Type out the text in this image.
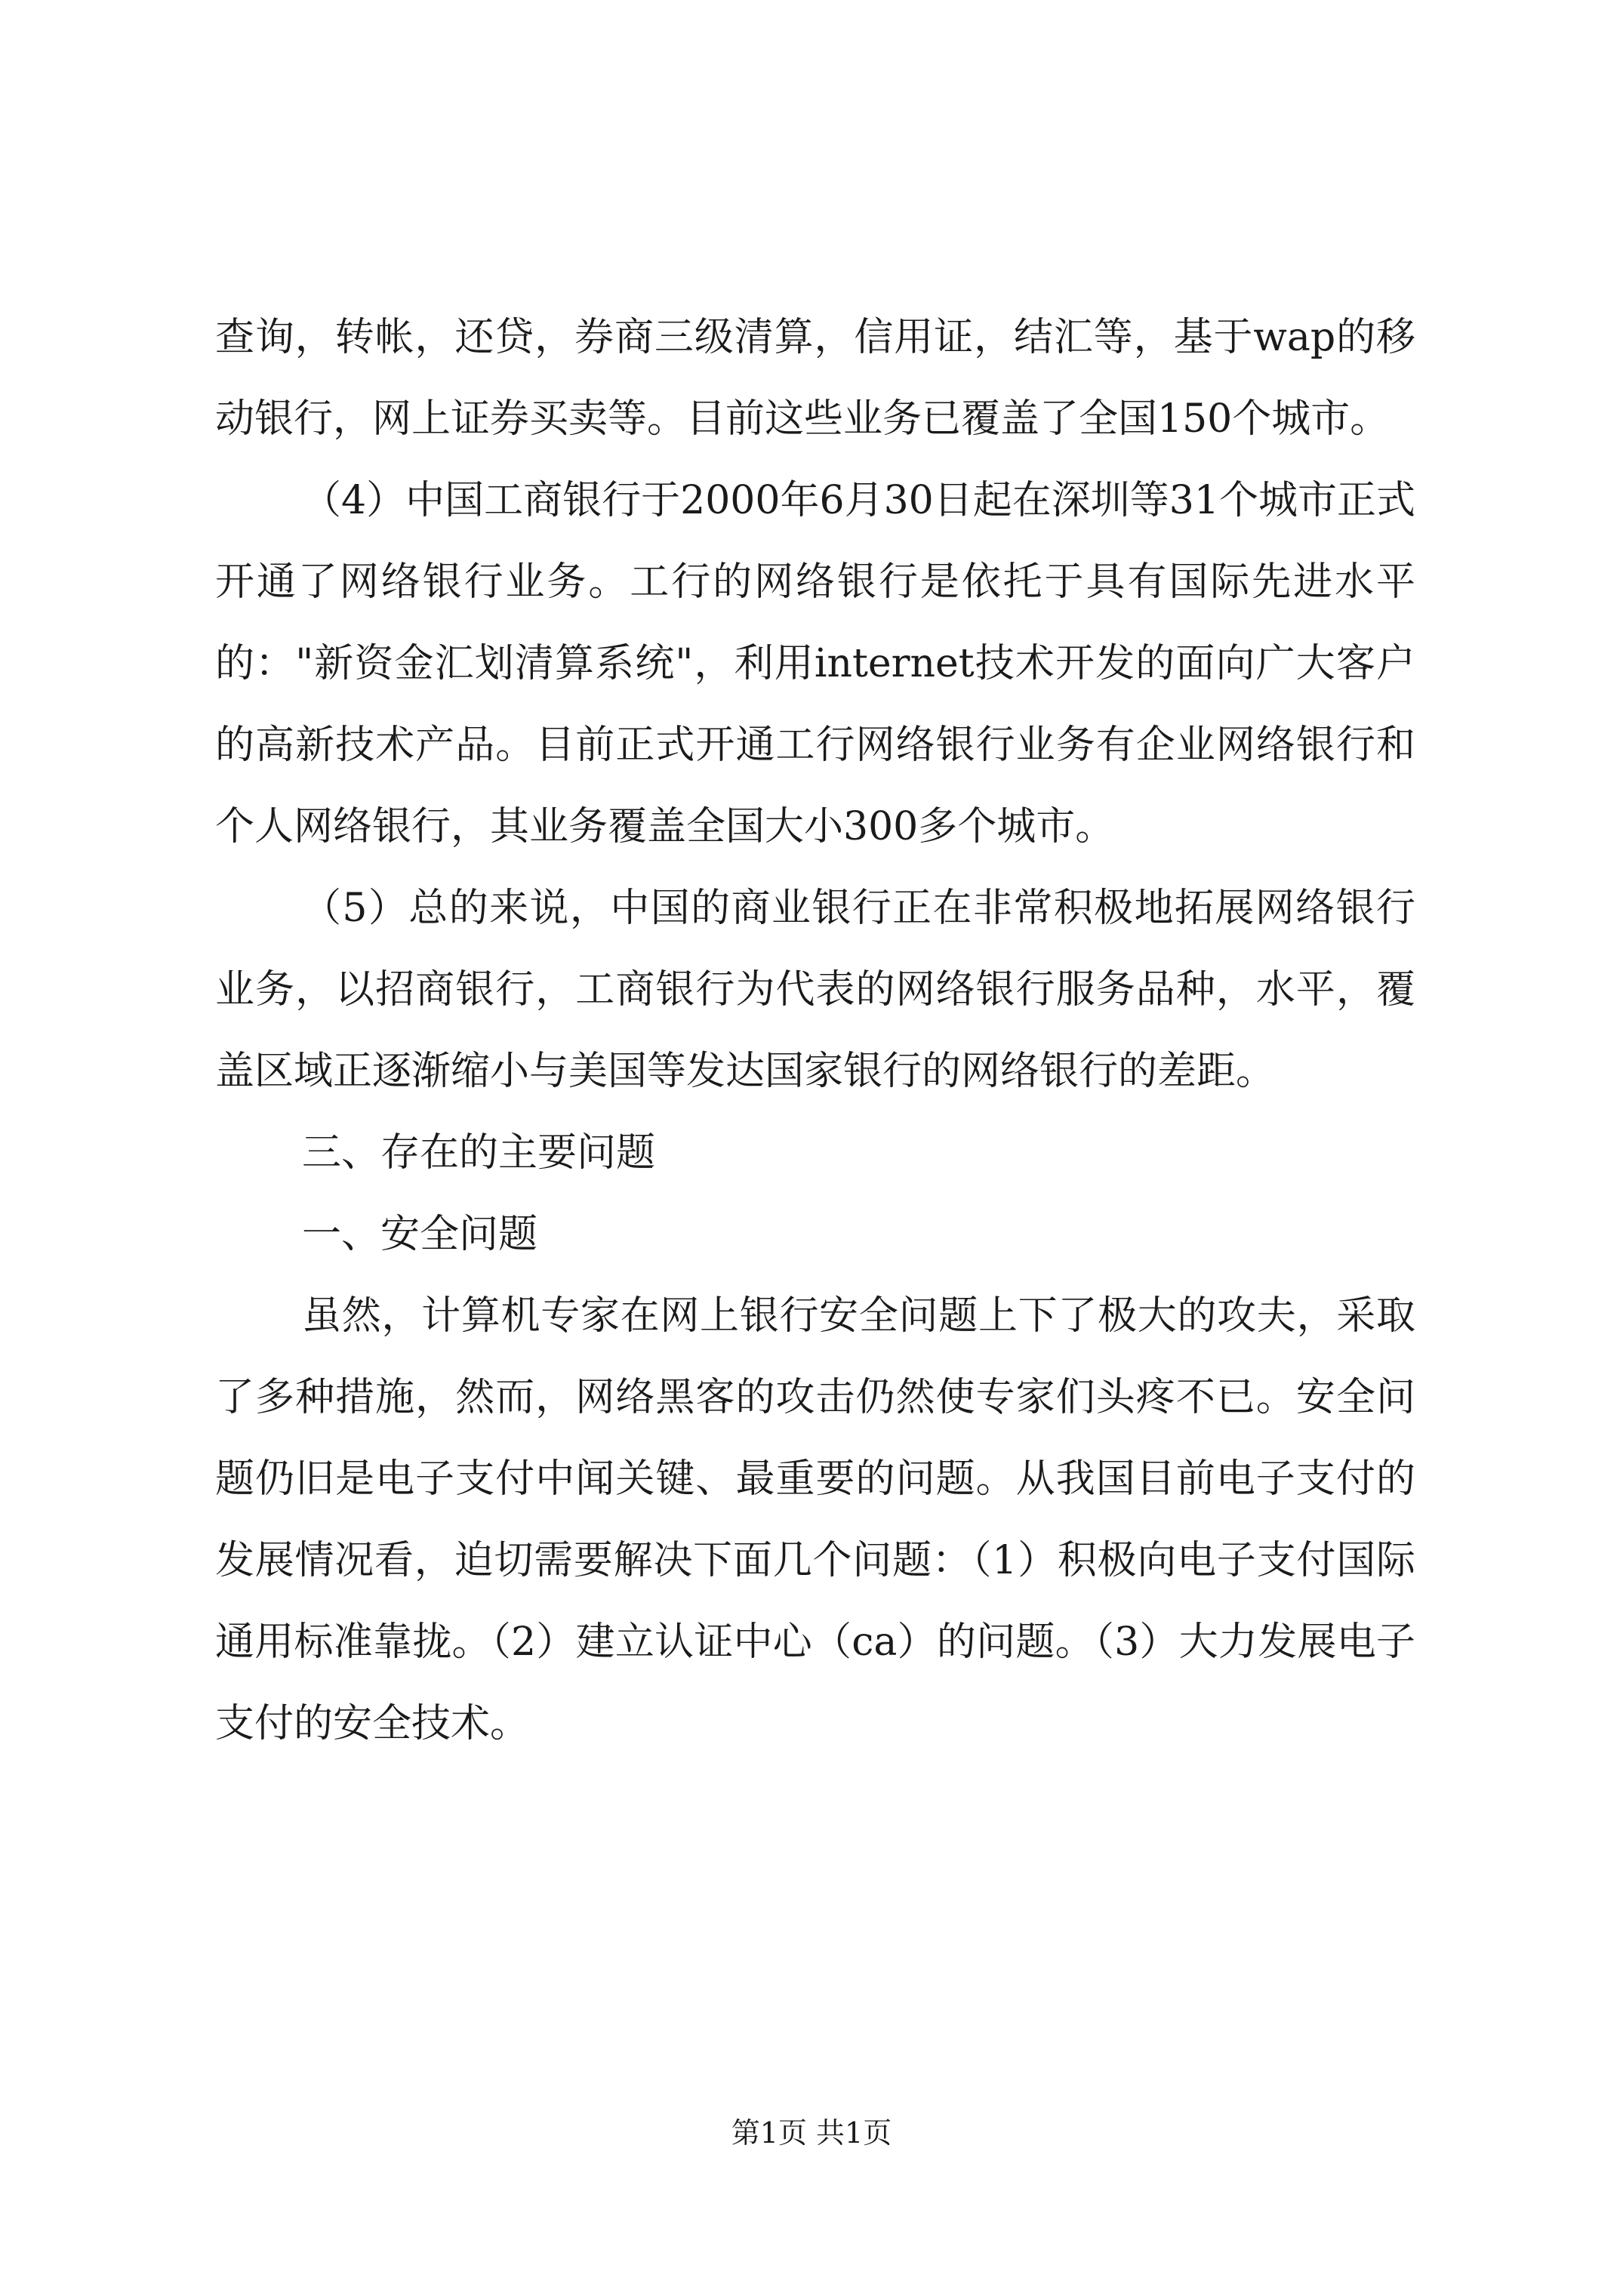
查询，转帐，还贷，券商三级清算，信用证，结汇等，基于wap的移动银行，网上证券买卖等。目前这些业务已覆盖了全国150个城市。

（4）中国工商银行于2000年6月30日起在深圳等31个城市正式开通了网络银行业务。工行的网络银行是依托于具有国际先进水平的："新资金汇划清算系统"，利用internet技术开发的面向广大客户的高新技术产品。目前正式开通工行网络银行业务有企业网络银行和个人网络银行，其业务覆盖全国大小300多个城市。

（5）总的来说，中国的商业银行正在非常积极地拓展网络银行业务，以招商银行，工商银行为代表的网络银行服务品种，水平，覆盖区域正逐渐缩小与美国等发达国家银行的网络银行的差距。

三、存在的主要问题

一、安全问题

虽然，计算机专家在网上银行安全问题上下了极大的攻夫，采取了多种措施，然而，网络黑客的攻击仍然使专家们头疼不已。安全问题仍旧是电子支付中闻关键、最重要的问题。从我国目前电子支付的发展情况看，迫切需要解决下面几个问题：（1）积极向电子支付国际通用标准靠拢。（2）建立认证中心（ca）的问题。（3）大力发展电子支付的安全技术。

第1页 共1页
